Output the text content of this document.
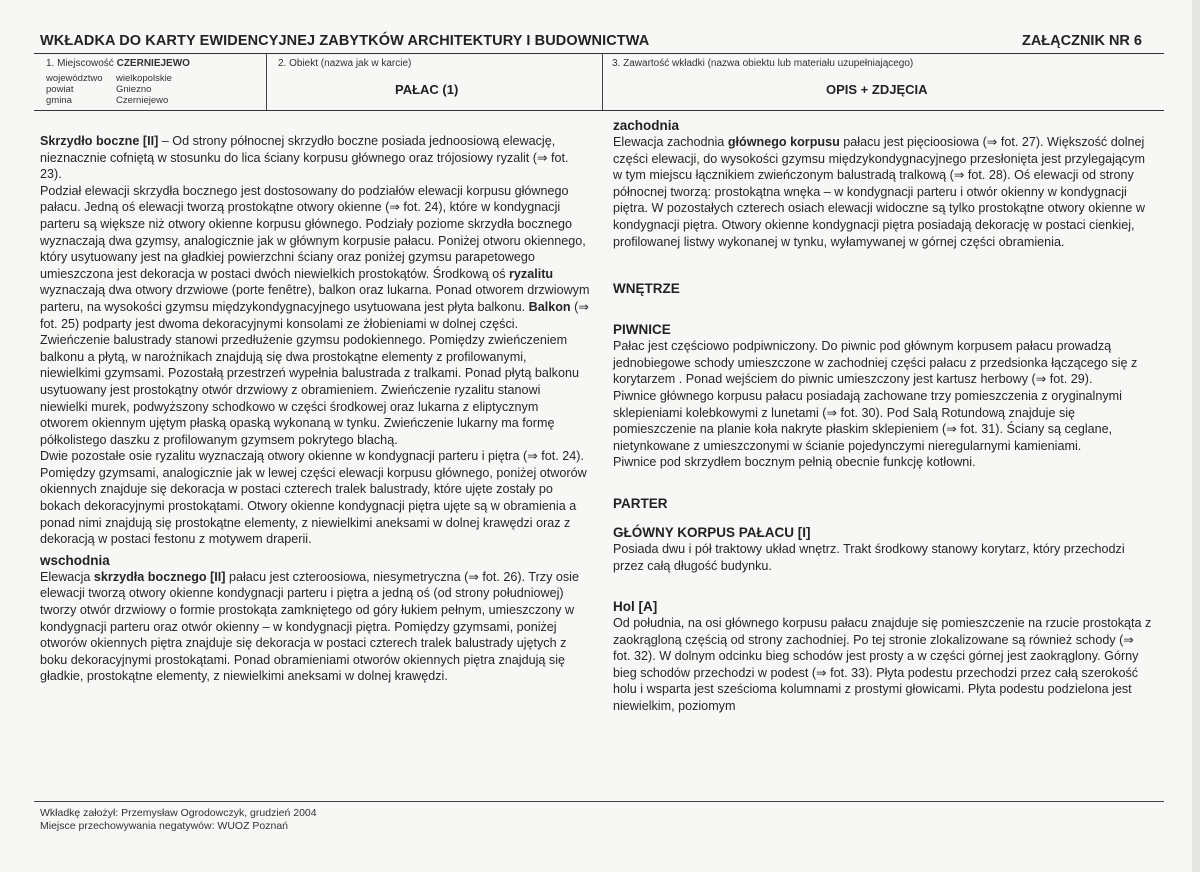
WKŁADKA DO KARTY EWIDENCYJNEJ ZABYTKÓW ARCHITEKTURY I BUDOWNICTWA	ZAŁĄCZNIK NR 6
1. Miejscowość CZERNIEJEWO
województwo	wielkopolskie
powiat	Gniezno
gmina	Czerniejewo
2. Obiekt (nazwa jak w karcie)
PAŁAC (1)
3. Zawartość wkładki (nazwa obiektu lub materiału uzupełniającego)
OPIS + ZDJĘCIA

Skrzydło boczne [II] – Od strony północnej skrzydło boczne posiada jednoosiową elewację, nieznacznie cofniętą w stosunku do lica ściany korpusu głównego oraz trójosiowy ryzalit (⇒ fot. 23).

Podział elewacji skrzydła bocznego jest dostosowany do podziałów elewacji korpusu głównego pałacu. Jedną oś elewacji tworzą prostokątne otwory okienne (⇒ fot. 24), które w kondygnacji parteru są większe niż otwory okienne korpusu głównego. Podziały poziome skrzydła bocznego wyznaczają dwa gzymsy, analogicznie jak w głównym korpusie pałacu. Poniżej otworu okiennego, który usytuowany jest na gładkiej powierzchni ściany oraz poniżej gzymsu parapetowego umieszczona jest dekoracja w postaci dwóch niewielkich prostokątów. Środkową oś ryzalitu wyznaczają dwa otwory drzwiowe (porte fenêtre), balkon oraz lukarna. Ponad otworem drzwiowym parteru, na wysokości gzymsu międzykondygnacyjnego usytuowana jest płyta balkonu. Balkon (⇒ fot. 25) podparty jest dwoma dekoracyjnymi konsolami ze żłobieniami w dolnej części. Zwieńczenie balustrady stanowi przedłużenie gzymsu podokiennego. Pomiędzy zwieńczeniem balkonu a płytą, w narożnikach znajdują się dwa prostokątne elementy z profilowanymi, niewielkimi gzymsami. Pozostałą przestrzeń wypełnia balustrada z tralkami. Ponad płytą balkonu usytuowany jest prostokątny otwór drzwiowy z obramieniem. Zwieńczenie ryzalitu stanowi niewielki murek, podwyższony schodkowo w części środkowej oraz lukarna z eliptycznym otworem okiennym ujętym płaską opaską wykonaną w tynku. Zwieńczenie lukarny ma formę półkolistego daszku z profilowanym gzymsem pokrytego blachą.

Dwie pozostałe osie ryzalitu wyznaczają otwory okienne w kondygnacji parteru i piętra (⇒ fot. 24). Pomiędzy gzymsami, analogicznie jak w lewej części elewacji korpusu głównego, poniżej otworów okiennych znajduje się dekoracja w postaci czterech tralek balustrady, które ujęte zostały po bokach dekoracyjnymi prostokątami. Otwory okienne kondygnacji piętra ujęte są w obramienia a ponad nimi znajdują się prostokątne elementy, z niewielkimi aneksami w dolnej krawędzi oraz z dekoracją w postaci festonu z motywem draperii.

wschodnia

Elewacja skrzydła bocznego [II] pałacu jest czteroosiowa, niesymetryczna (⇒ fot. 26). Trzy osie elewacji tworzą otwory okienne kondygnacji parteru i piętra a jedną oś (od strony południowej) tworzy otwór drzwiowy o formie prostokąta zamkniętego od góry łukiem pełnym, umieszczony w kondygnacji parteru oraz otwór okienny – w kondygnacji piętra. Pomiędzy gzymsami, poniżej otworów okiennych piętra znajduje się dekoracja w postaci czterech tralek balustrady ujętych z boku dekoracyjnymi prostokątami. Ponad obramieniami otworów okiennych piętra znajdują się gładkie, prostokątne elementy, z niewielkimi aneksami w dolnej krawędzi.

zachodnia

Elewacja zachodnia głównego korpusu pałacu jest pięcioosiowa (⇒ fot. 27). Większość dolnej części elewacji, do wysokości gzymsu międzykondygnacyjnego przesłonięta jest przylegającym w tym miejscu łącznikiem zwieńczonym balustradą tralkową (⇒ fot. 28). Oś elewacji od strony północnej tworzą: prostokątna wnęka – w kondygnacji parteru i otwór okienny w kondygnacji piętra. W pozostałych czterech osiach elewacji widoczne są tylko prostokątne otwory okienne w kondygnacji piętra. Otwory okienne kondygnacji piętra posiadają dekorację w postaci cienkiej, profilowanej listwy wykonanej w tynku, wyłamywanej w górnej części obramienia.

WNĘTRZE
PIWNICE

Pałac jest częściowo podpiwniczony. Do piwnic pod głównym korpusem pałacu prowadzą jednobiegowe schody umieszczone w zachodniej części pałacu z przedsionka łączącego się z korytarzem . Ponad wejściem do piwnic umieszczony jest kartusz herbowy (⇒ fot. 29).

Piwnice głównego korpusu pałacu posiadają zachowane trzy pomieszczenia z oryginalnymi sklepieniami kolebkowymi z lunetami (⇒ fot. 30). Pod Salą Rotundową znajduje się pomieszczenie na planie koła nakryte płaskim sklepieniem (⇒ fot. 31). Ściany są ceglane, nietynkowane z umieszczonymi w ścianie pojedynczymi nieregularnymi kamieniami.

Piwnice pod skrzydłem bocznym pełnią obecnie funkcję kotłowni.

PARTER
GŁÓWNY KORPUS PAŁACU [I]

Posiada dwu i pół traktowy układ wnętrz. Trakt środkowy stanowy korytarz, który przechodzi przez całą długość budynku.

Hol [A]

Od południa, na osi głównego korpusu pałacu znajduje się pomieszczenie na rzucie prostokąta z zaokrągloną częścią od strony zachodniej. Po tej stronie zlokalizowane są również schody (⇒ fot. 32). W dolnym odcinku bieg schodów jest prosty a w części górnej jest zaokrąglony. Górny bieg schodów przechodzi w podest (⇒ fot. 33). Płyta podestu przechodzi przez całą szerokość holu i wsparta jest sześcioma kolumnami z prostymi głowicami. Płyta podestu podzielona jest niewielkim, poziomym

Wkładkę założył: Przemysław Ogrodowczyk, grudzień 2004
Miejsce przechowywania negatywów: WUOZ Poznań
